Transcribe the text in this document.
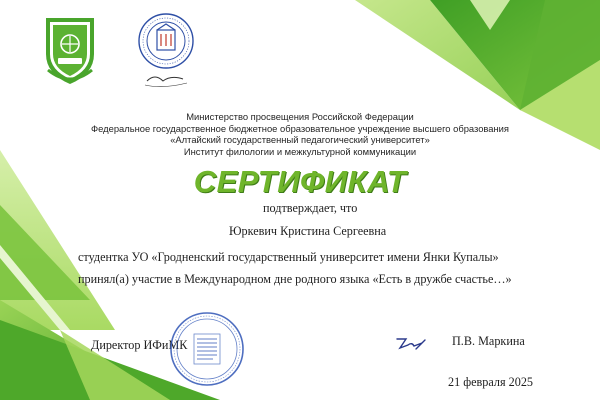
Министерство просвещения Российской Федерации
Федеральное государственное бюджетное образовательное учреждение высшего образования
«Алтайский государственный педагогический университет»
Институт филологии и межкультурной коммуникации
СЕРТИФИКАТ
подтверждает, что
Юркевич Кристина Сергеевна
студентка УО «Гродненский государственный университет имени Янки Купалы»
принял(а) участие в Международном дне родного языка «Есть в дружбе счастье…»
Директор ИФиМК	П.В. Маркина
21 февраля 2025
